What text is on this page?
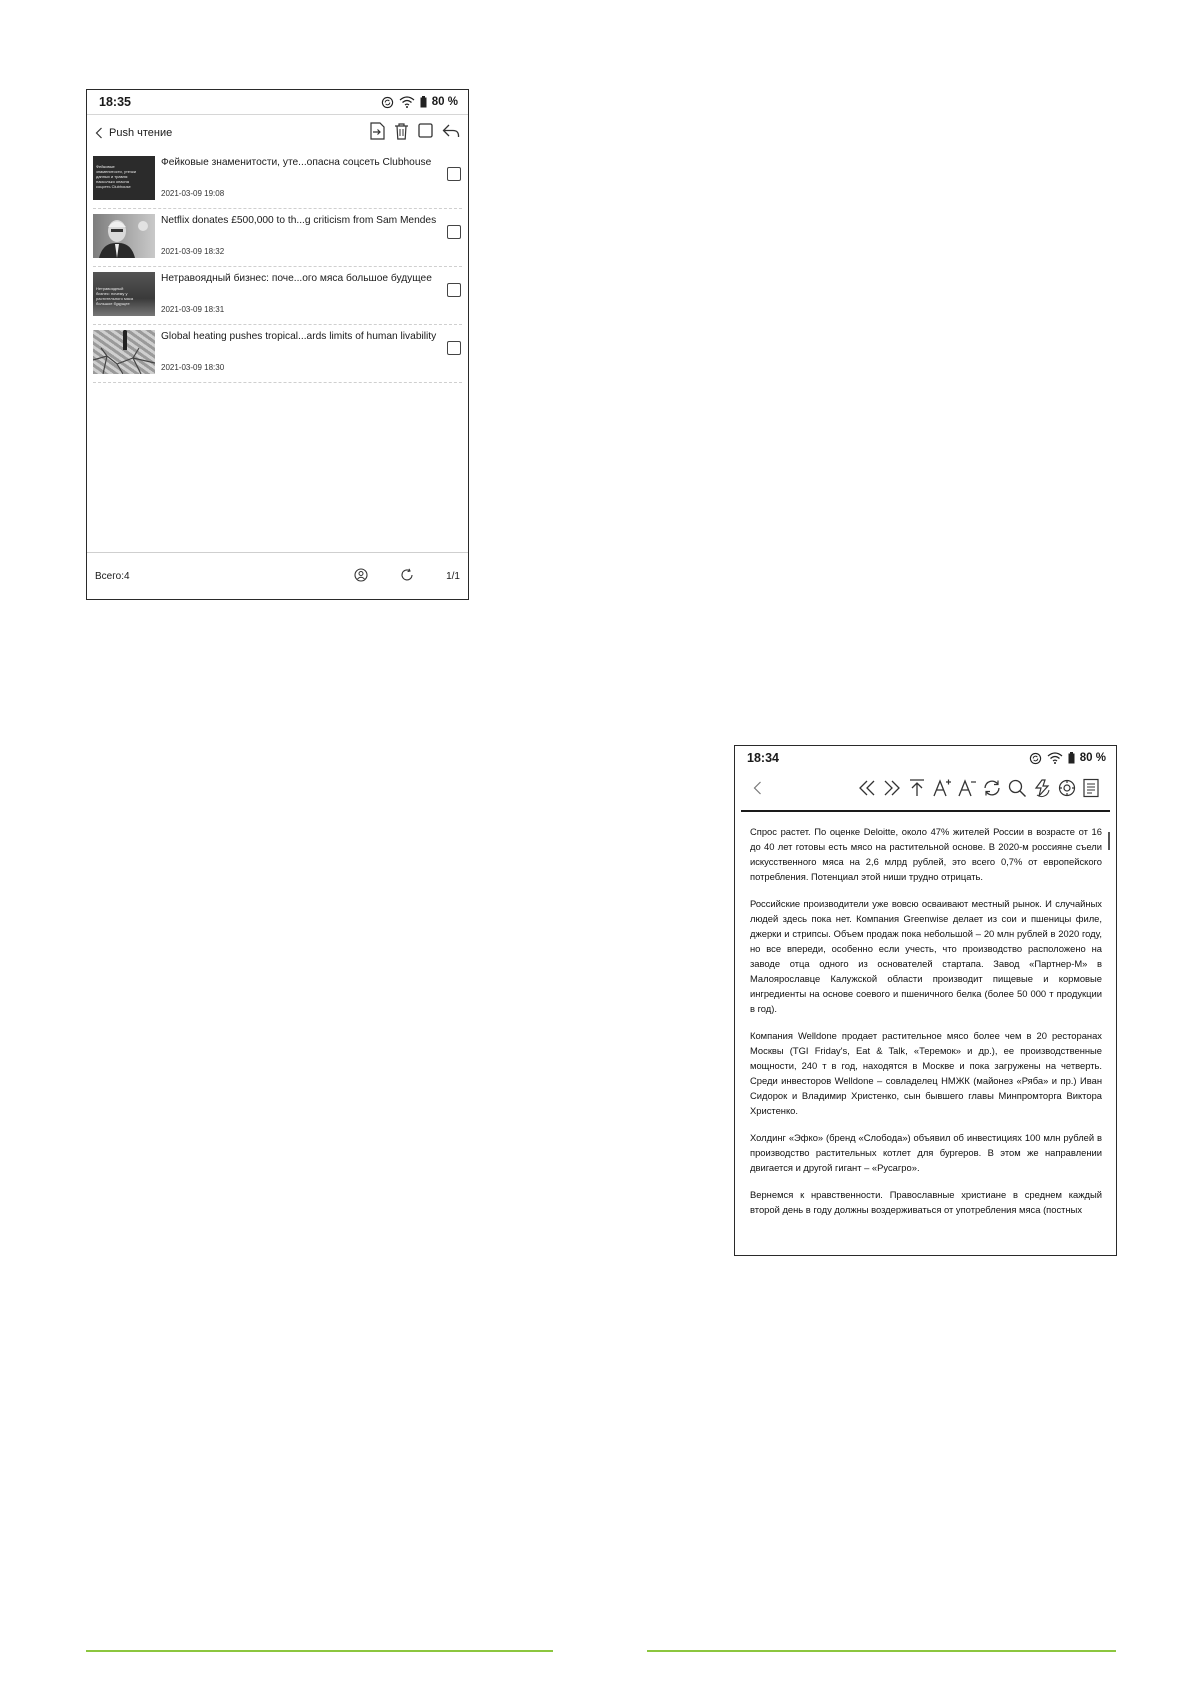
18:35	80 %
Push чтение
Фейковые знаменитости, утечки данных и травля: насколько опасна соцсеть Clubhouse
Фейковые знаменитости, уте...опасна соцсеть Clubhouse
2021-03-09 19:08
Netflix donates £500,000 to th...g criticism from Sam Mendes
2021-03-09 18:32
Нетравоядный бизнес: почему у растительного мяса большое будущее
Нетравоядный бизнес: поче...ого мяса большое будущее
2021-03-09 18:31
Global heating pushes tropical...ards limits of human livability
2021-03-09 18:30
Всего:4	1/1
18:34	80 %

Спрос растет. По оценке Deloitte, около 47% жителей России в возрасте от 16 до 40 лет готовы есть мясо на растительной основе. В 2020-м россияне съели искусственного мяса на 2,6 млрд рублей, это всего 0,7% от европейского потребления. Потенциал этой ниши трудно отрицать.

Российские производители уже вовсю осваивают местный рынок. И случайных людей здесь пока нет. Компания Greenwise делает из сои и пшеницы филе, джерки и стрипсы. Объем продаж пока небольшой – 20 млн рублей в 2020 году, но все впереди, особенно если учесть, что производство расположено на заводе отца одного из основателей стартапа. Завод «Партнер-М» в Малоярославце Калужской области производит пищевые и кормовые ингредиенты на основе соевого и пшеничного белка (более 50 000 т продукции в год).

Компания Welldone продает растительное мясо более чем в 20 ресторанах Москвы (TGI Friday's, Eat & Talk, «Теремок» и др.), ее производственные мощности, 240 т в год, находятся в Москве и пока загружены на четверть. Среди инвесторов Welldone – совладелец НМЖК (майонез «Ряба» и пр.) Иван Сидорок и Владимир Христенко, сын бывшего главы Минпромторга Виктора Христенко.

Холдинг «Эфко» (бренд «Слобода») объявил об инвестициях 100 млн рублей в производство растительных котлет для бургеров. В этом же направлении двигается и другой гигант – «Русагро».

Вернемся к нравственности. Православные христиане в среднем каждый второй день в году должны воздерживаться от употребления мяса (постных
